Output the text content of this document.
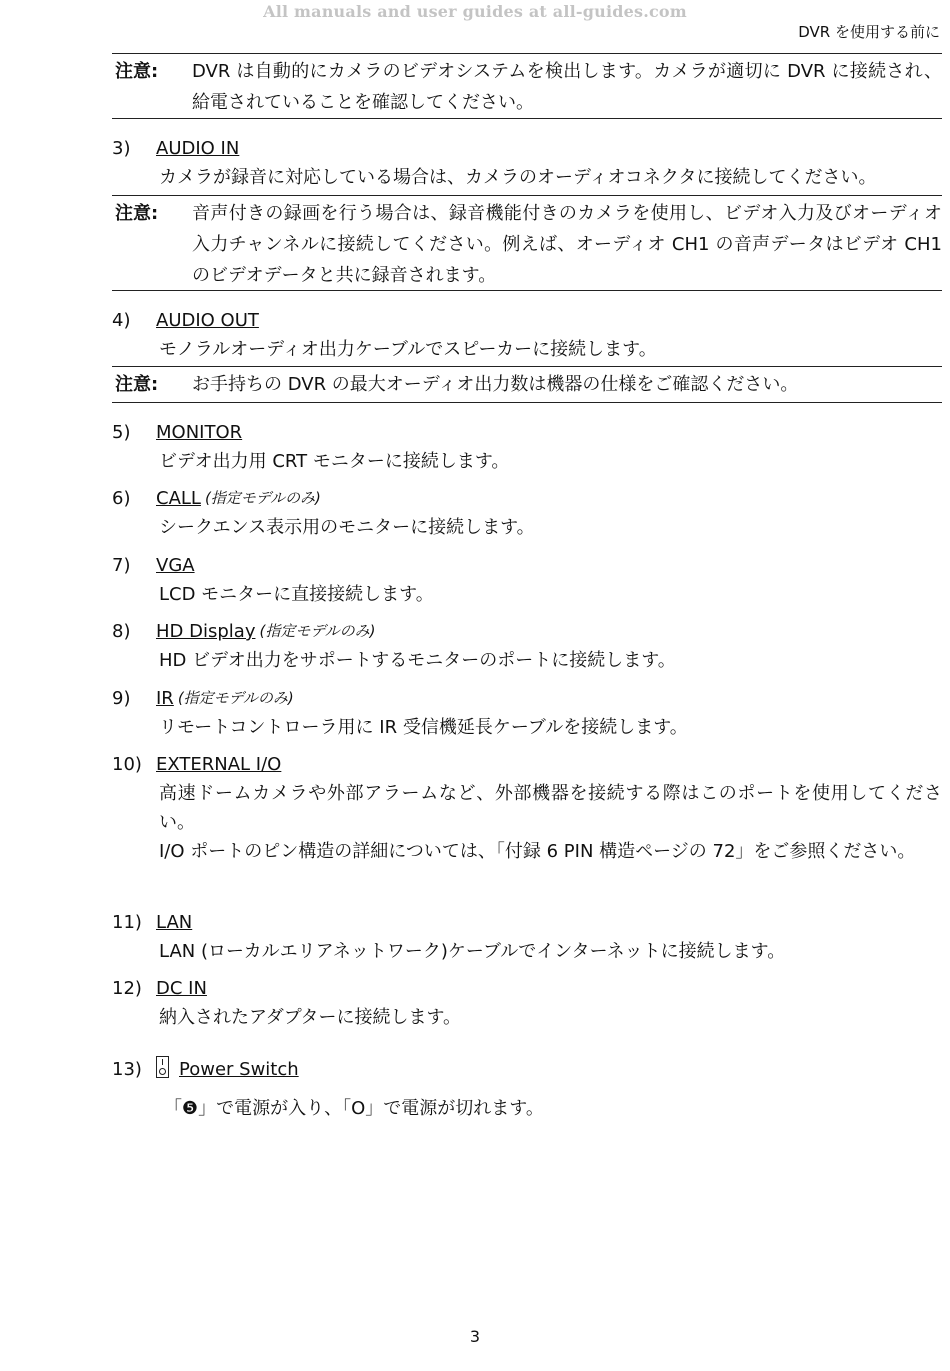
All manuals and user guides at all-guides.com
DVR を使用する前に
注意:	DVR は自動的にカメラのビデオシステムを検出します。カメラが適切に DVR に接続され、給電されていることを確認してください。
3)	AUDIO IN

カメラが録音に対応している場合は、カメラのオーディオコネクタに接続してください。

注意:	音声付きの録画を行う場合は、録音機能付きのカメラを使用し、ビデオ入力及びオーディオ入力チャンネルに接続してください。例えば、オーディオ CH1 の音声データはビデオ CH1 のビデオデータと共に録音されます。
4)	AUDIO OUT

モノラルオーディオ出力ケーブルでスピーカーに接続します。

注意:	お手持ちの DVR の最大オーディオ出力数は機器の仕様をご確認ください。
5)	MONITOR

ビデオ出力用 CRT モニターに接続します。

6)	CALL (指定モデルのみ)

シークエンス表示用のモニターに接続します。

7)	VGA

LCD モニターに直接接続します。

8)	HD Display (指定モデルのみ)

HD ビデオ出力をサポートするモニターのポートに接続します。

9)	IR (指定モデルのみ)

リモートコントローラ用に IR 受信機延長ケーブルを接続します。

10) EXTERNAL I/O

高速ドームカメラや外部アラームなど、外部機器を接続する際はこのポートを使用してください。

I/O ポートのピン構造の詳細については、「付録 6 PIN 構造ページの 72」をご参照ください。

11) LAN

LAN (ローカルエリアネットワーク)ケーブルでインターネットに接続します。

12) DC IN

納入されたアダプターに接続します。

13)	Power Switch

「❺」で電源が入り、「O」で電源が切れます。

3
